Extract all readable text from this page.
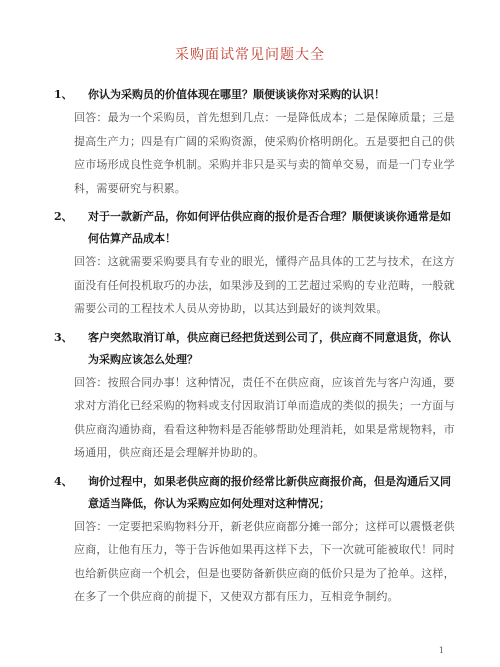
采购面试常见问题大全
1、	你认为采购员的价值体现在哪里？顺便谈谈你对采购的认识！
回答：最为一个采购员，首先想到几点：一是降低成本；二是保障质量；三是提高生产力；四是有广阔的采购资源，使采购价格明朗化。五是要把自己的供应市场形成良性竞争机制。采购并非只是买与卖的简单交易，而是一门专业学科，需要研究与积累。
2、	对于一款新产品，你如何评估供应商的报价是否合理？顺便谈谈你通常是如何估算产品成本！
回答：这就需要采购要具有专业的眼光，懂得产品具体的工艺与技术，在这方面没有任何投机取巧的办法，如果涉及到的工艺超过采购的专业范畴，一般就需要公司的工程技术人员从旁协助，以其达到最好的谈判效果。
3、	客户突然取消订单，供应商已经把货送到公司了，供应商不同意退货，你认为采购应该怎么处理？
回答：按照合同办事！这种情况，责任不在供应商，应该首先与客户沟通，要求对方消化已经采购的物料或支付因取消订单而造成的类似的损失；一方面与供应商沟通协商，看看这种物料是否能够帮助处理消耗，如果是常规物料，市场通用，供应商还是会理解并协助的。
4、	询价过程中，如果老供应商的报价经常比新供应商报价高，但是沟通后又同意适当降低，你认为采购应如何处理对这种情况；
回答：一定要把采购物料分开，新老供应商都分摊一部分；这样可以震慑老供应商，让他有压力，等于告诉他如果再这样下去，下一次就可能被取代！同时也给新供应商一个机会，但是也要防备新供应商的低价只是为了抢单。这样，在多了一个供应商的前提下，又使双方都有压力，互相竞争制约。
1
